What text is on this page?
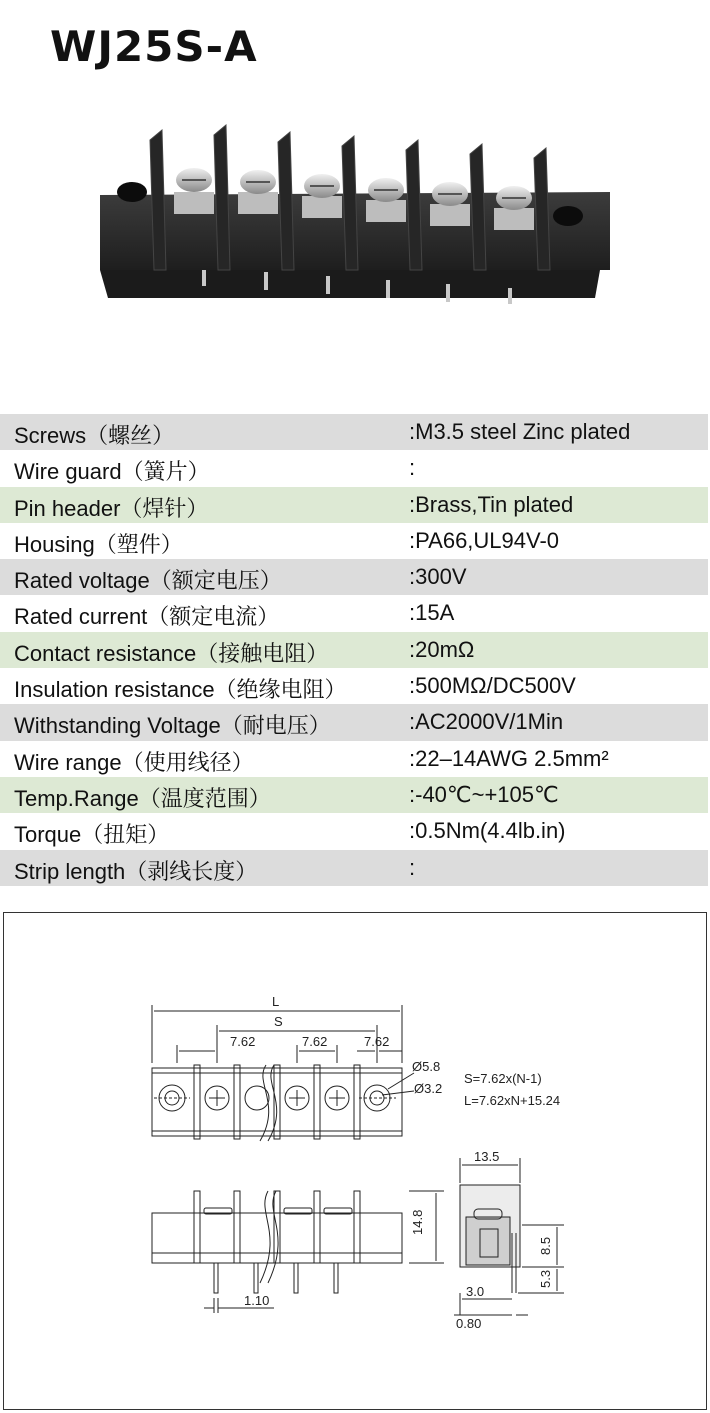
WJ25S-A
Screws（螺丝）	:M3.5 steel Zinc plated
Wire guard（簧片）	:
Pin header（焊针）	:Brass,Tin plated
Housing（塑件）	:PA66,UL94V-0
Rated voltage（额定电压）	:300V
Rated current（额定电流）	:15A
Contact resistance（接触电阻）	:20mΩ
Insulation resistance（绝缘电阻）	:500MΩ/DC500V
Withstanding Voltage（耐电压）	:AC2000V/1Min
Wire range（使用线径）	:22–14AWG 2.5mm²
Temp.Range（温度范围）	:-40℃~+105℃
Torque（扭矩）	:0.5Nm(4.4lb.in)
Strip length（剥线长度）	:
L
S
7.62	7.62	7.62
Ø5.8
Ø3.2
S=7.62x(N-1)
L=7.62xN+15.24
13.5
14.8
8.5
5.3
3.0
0.80
1.10
